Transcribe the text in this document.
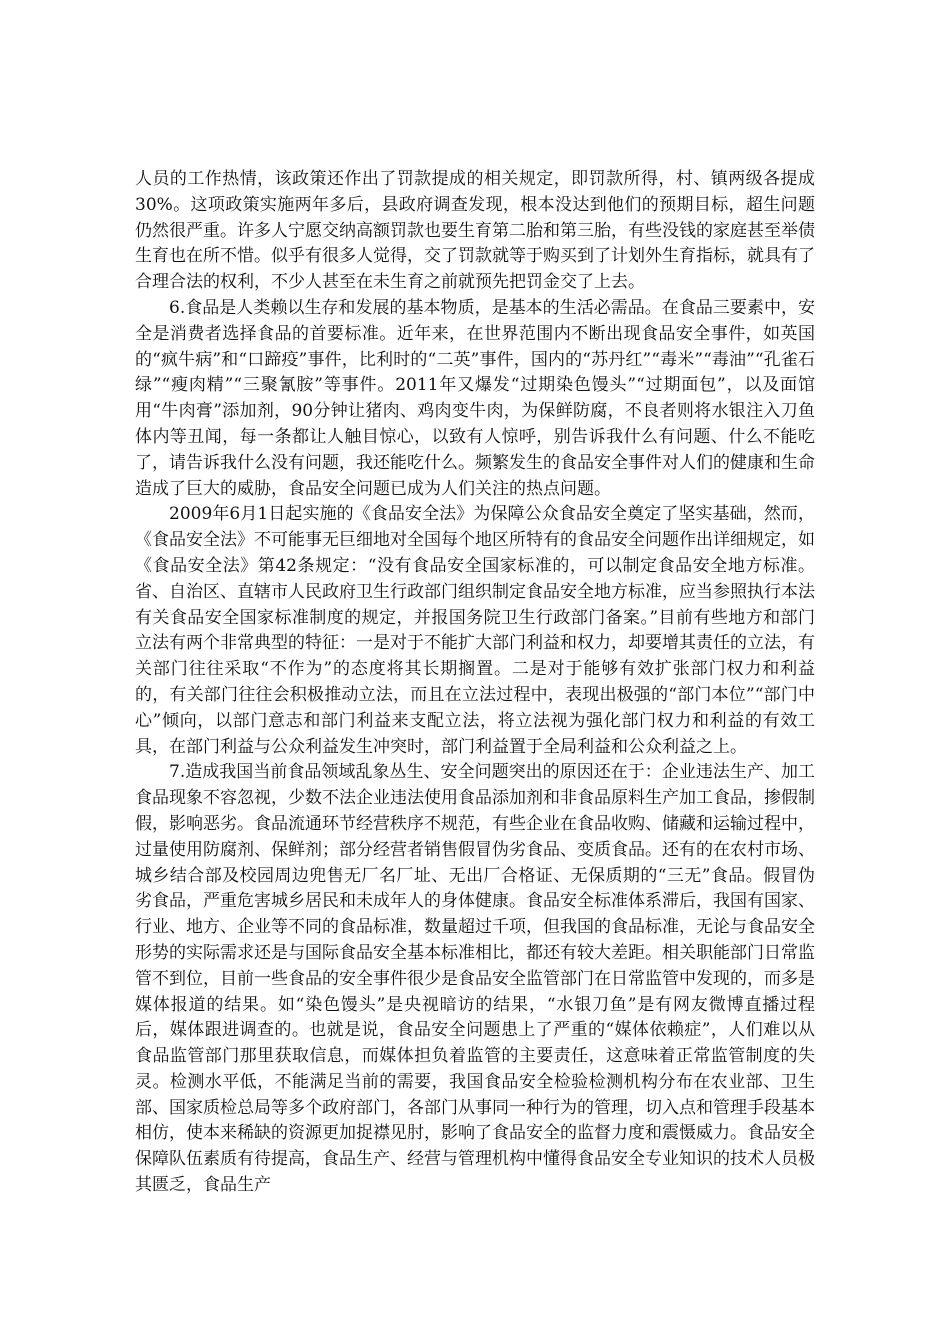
人员的工作热情，该政策还作出了罚款提成的相关规定，即罚款所得，村、镇两级各提成30%。这项政策实施两年多后，县政府调查发现，根本没达到他们的预期目标，超生问题仍然很严重。许多人宁愿交纳高额罚款也要生育第二胎和第三胎，有些没钱的家庭甚至举债生育也在所不惜。似乎有很多人觉得，交了罚款就等于购买到了计划外生育指标，就具有了合理合法的权利，不少人甚至在未生育之前就预先把罚金交了上去。

6.食品是人类赖以生存和发展的基本物质，是基本的生活必需品。在食品三要素中，安全是消费者选择食品的首要标准。近年来，在世界范围内不断出现食品安全事件，如英国的“疯牛病”和“口蹄疫”事件，比利时的“二英”事件，国内的“苏丹红”“毒米”“毒油”“孔雀石绿”“瘦肉精”“三聚氰胺”等事件。2011年又爆发“过期染色馒头”“过期面包”，以及面馆用“牛肉膏”添加剂，90分钟让猪肉、鸡肉变牛肉，为保鲜防腐，不良者则将水银注入刀鱼体内等丑闻，每一条都让人触目惊心，以致有人惊呼，别告诉我什么有问题、什么不能吃了，请告诉我什么没有问题，我还能吃什么。频繁发生的食品安全事件对人们的健康和生命造成了巨大的威胁，食品安全问题已成为人们关注的热点问题。

2009年6月1日起实施的《食品安全法》为保障公众食品安全奠定了坚实基础，然而，《食品安全法》不可能事无巨细地对全国每个地区所特有的食品安全问题作出详细规定，如《食品安全法》第42条规定：“没有食品安全国家标准的，可以制定食品安全地方标准。省、自治区、直辖市人民政府卫生行政部门组织制定食品安全地方标准，应当参照执行本法有关食品安全国家标准制度的规定，并报国务院卫生行政部门备案。”目前有些地方和部门立法有两个非常典型的特征：一是对于不能扩大部门利益和权力，却要增其责任的立法，有关部门往往采取“不作为”的态度将其长期搁置。二是对于能够有效扩张部门权力和利益的，有关部门往往会积极推动立法，而且在立法过程中，表现出极强的“部门本位”“部门中心”倾向，以部门意志和部门利益来支配立法，将立法视为强化部门权力和利益的有效工具，在部门利益与公众利益发生冲突时，部门利益置于全局利益和公众利益之上。

7.造成我国当前食品领域乱象丛生、安全问题突出的原因还在于：企业违法生产、加工食品现象不容忽视，少数不法企业违法使用食品添加剂和非食品原料生产加工食品，掺假制假，影响恶劣。食品流通环节经营秩序不规范，有些企业在食品收购、储藏和运输过程中，过量使用防腐剂、保鲜剂；部分经营者销售假冒伪劣食品、变质食品。还有的在农村市场、城乡结合部及校园周边兜售无厂名厂址、无出厂合格证、无保质期的“三无”食品。假冒伪劣食品，严重危害城乡居民和未成年人的身体健康。食品安全标准体系滞后，我国有国家、行业、地方、企业等不同的食品标准，数量超过千项，但我国的食品标准，无论与食品安全形势的实际需求还是与国际食品安全基本标准相比，都还有较大差距。相关职能部门日常监管不到位，目前一些食品的安全事件很少是食品安全监管部门在日常监管中发现的，而多是媒体报道的结果。如“染色馒头”是央视暗访的结果，“水银刀鱼”是有网友微博直播过程后，媒体跟进调查的。也就是说，食品安全问题患上了严重的“媒体依赖症”，人们难以从食品监管部门那里获取信息，而媒体担负着监管的主要责任，这意味着正常监管制度的失灵。检测水平低，不能满足当前的需要，我国食品安全检验检测机构分布在农业部、卫生部、国家质检总局等多个政府部门，各部门从事同一种行为的管理，切入点和管理手段基本相仿，使本来稀缺的资源更加捉襟见肘，影响了食品安全的监督力度和震慑威力。食品安全保障队伍素质有待提高，食品生产、经营与管理机构中懂得食品安全专业知识的技术人员极其匮乏，食品生产
